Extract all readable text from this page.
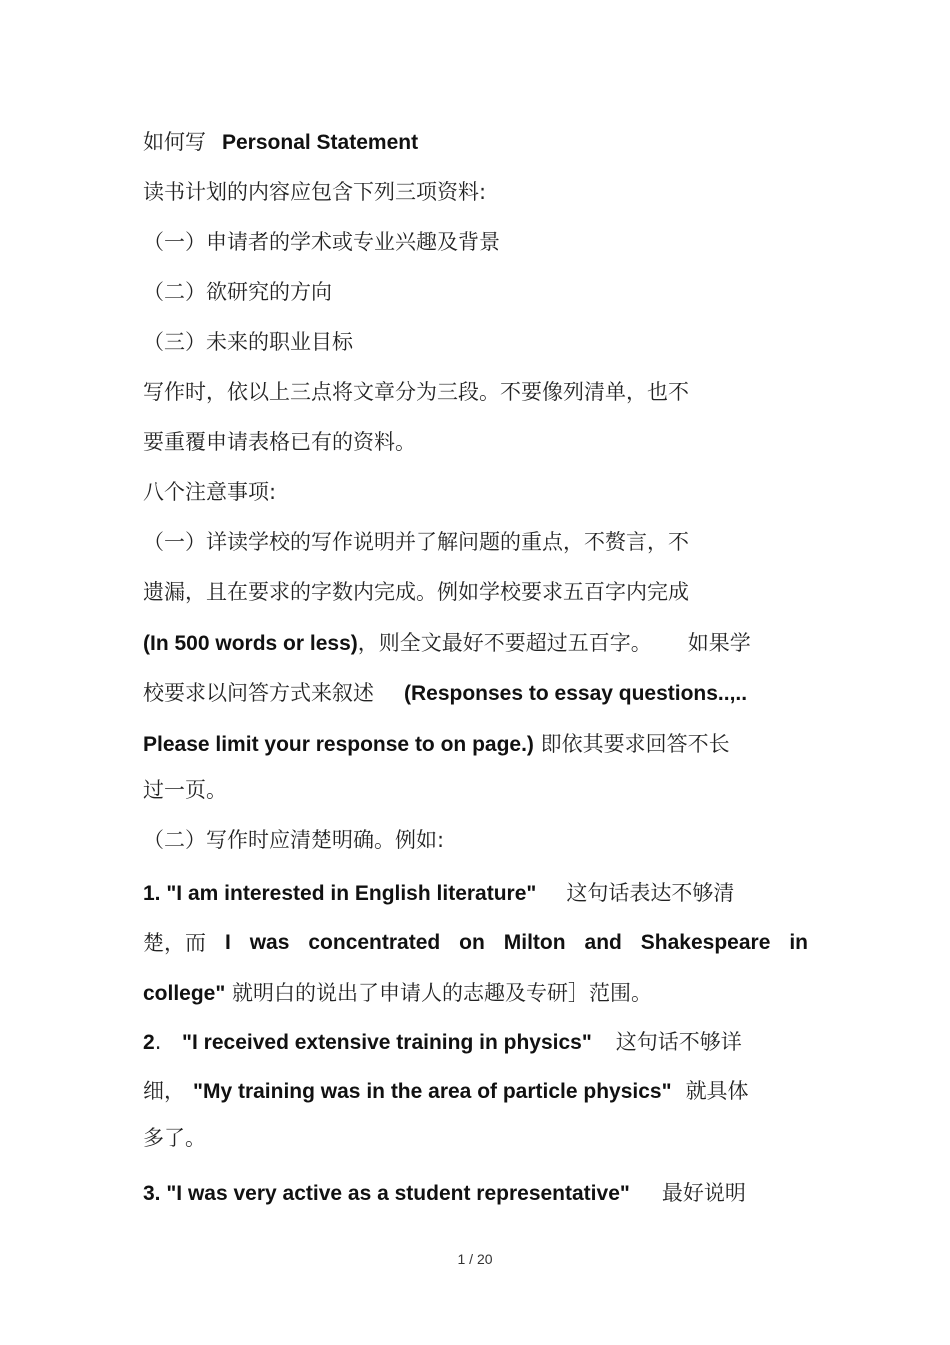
如何写 Personal Statement
读书计划的内容应包含下列三项资料:
（一）申请者的学术或专业兴趣及背景
（二）欲研究的方向
（三）未来的职业目标
写作时，依以上三点将文章分为三段。不要像列清单，也不
要重覆申请表格已有的资料。
八个注意事项:
（一）详读学校的写作说明并了解问题的重点，不赘言，不
遗漏，且在要求的字数内完成。例如学校要求五百字内完成
(In 500 words or less)，则全文最好不要超过五百字。 如果学
校要求以问答方式来叙述 (Responses to essay questions..,..
Please limit your response to on page.) 即依其要求回答不长
过一页。
（二）写作时应清楚明确。例如:
1. "I am interested in English literature" 这句话表达不够清
楚，而 I was concentrated on Milton and Shakespeare in
college" 就明白的说出了申请人的志趣及专研］范围。
2. "I received extensive training in physics" 这句话不够详
细， "My training was in the area of particle physics" 就具体
多了。
3. "I was very active as a student representative" 最好说明
1 / 20
